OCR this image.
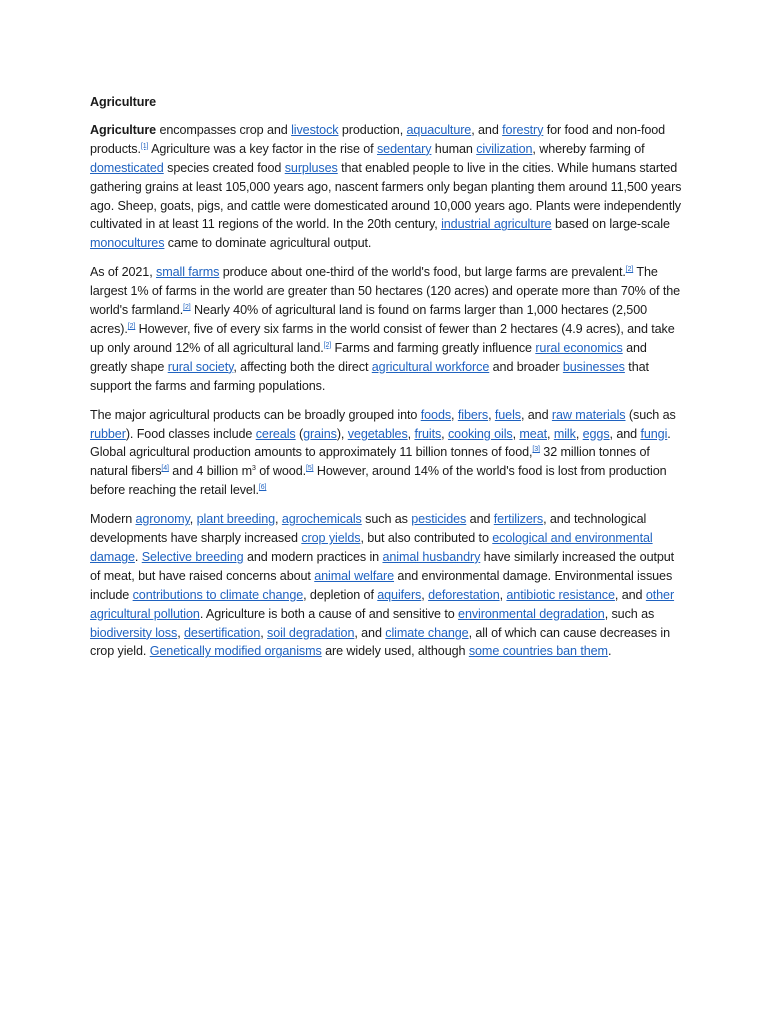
Agriculture

Agriculture encompasses crop and livestock production, aquaculture, and forestry for food and non-food products.[1] Agriculture was a key factor in the rise of sedentary human civilization, whereby farming of domesticated species created food surpluses that enabled people to live in the cities. While humans started gathering grains at least 105,000 years ago, nascent farmers only began planting them around 11,500 years ago. Sheep, goats, pigs, and cattle were domesticated around 10,000 years ago. Plants were independently cultivated in at least 11 regions of the world. In the 20th century, industrial agriculture based on large-scale monocultures came to dominate agricultural output.

As of 2021, small farms produce about one-third of the world's food, but large farms are prevalent.[2] The largest 1% of farms in the world are greater than 50 hectares (120 acres) and operate more than 70% of the world's farmland.[2] Nearly 40% of agricultural land is found on farms larger than 1,000 hectares (2,500 acres).[2] However, five of every six farms in the world consist of fewer than 2 hectares (4.9 acres), and take up only around 12% of all agricultural land.[2] Farms and farming greatly influence rural economics and greatly shape rural society, affecting both the direct agricultural workforce and broader businesses that support the farms and farming populations.

The major agricultural products can be broadly grouped into foods, fibers, fuels, and raw materials (such as rubber). Food classes include cereals (grains), vegetables, fruits, cooking oils, meat, milk, eggs, and fungi. Global agricultural production amounts to approximately 11 billion tonnes of food,[3] 32 million tonnes of natural fibers[4] and 4 billion $m^3$ of wood.[5] However, around 14% of the world's food is lost from production before reaching the retail level.[6]

Modern agronomy, plant breeding, agrochemicals such as pesticides and fertilizers, and technological developments have sharply increased crop yields, but also contributed to ecological and environmental damage. Selective breeding and modern practices in animal husbandry have similarly increased the output of meat, but have raised concerns about animal welfare and environmental damage. Environmental issues include contributions to climate change, depletion of aquifers, deforestation, antibiotic resistance, and other agricultural pollution. Agriculture is both a cause of and sensitive to environmental degradation, such as biodiversity loss, desertification, soil degradation, and climate change, all of which can cause decreases in crop yield. Genetically modified organisms are widely used, although some countries ban them.
